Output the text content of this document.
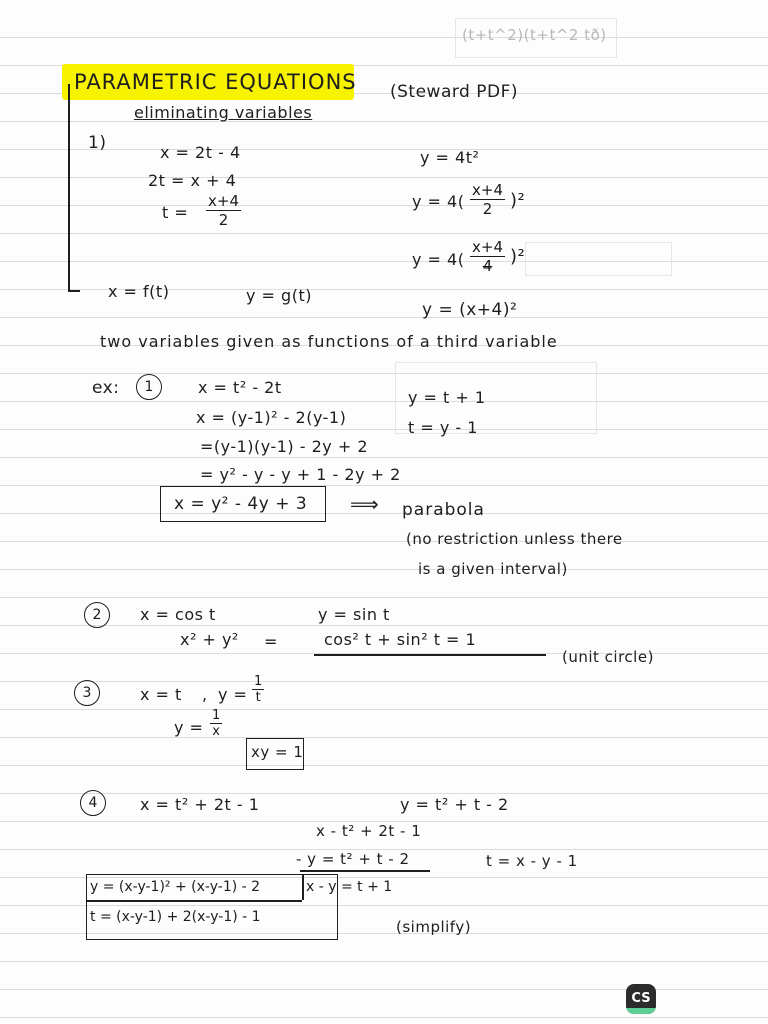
(t+t^2)(t+t^2 tð)
PARAMETRIC EQUATIONS (Steward PDF)
eliminating variables
1)	x = 2t - 4
2t = x + 4
$t = \frac{x+4}{2}$
y = 4t²
$y = 4( \frac{x+4}{2} )^2$
$y = 4( \frac{x+4}{4} )^2$
x = f(t)	y = g(t)
y = (x+4)²
two variables given as functions of a third variable
ex:	1	x = t² - 2t
x = (y-1)² - 2(y-1)
=(y-1)(y-1) - 2y + 2
= y² - y - y + 1 - 2y + 2
y = t + 1
t = y - 1
x = y² - 4y + 3 ⟹ parabola
(no restriction unless there
is a given interval)
2	x = cos t	y = sin t
x² + y² =	cos² t + sin² t = 1
(unit circle)
3	x = t , $y = \frac{1}{t}$
$y = \frac{1}{x}$
xy = 1
4	x = t² + 2t - 1	y = t² + t - 2
x - t² + 2t - 1
- y = t² + t - 2	t = x - y - 1
y = (x-y-1)² + (x-y-1) - 2	x - y = t + 1
t = (x-y-1) + 2(x-y-1) - 1
(simplify)
CS
